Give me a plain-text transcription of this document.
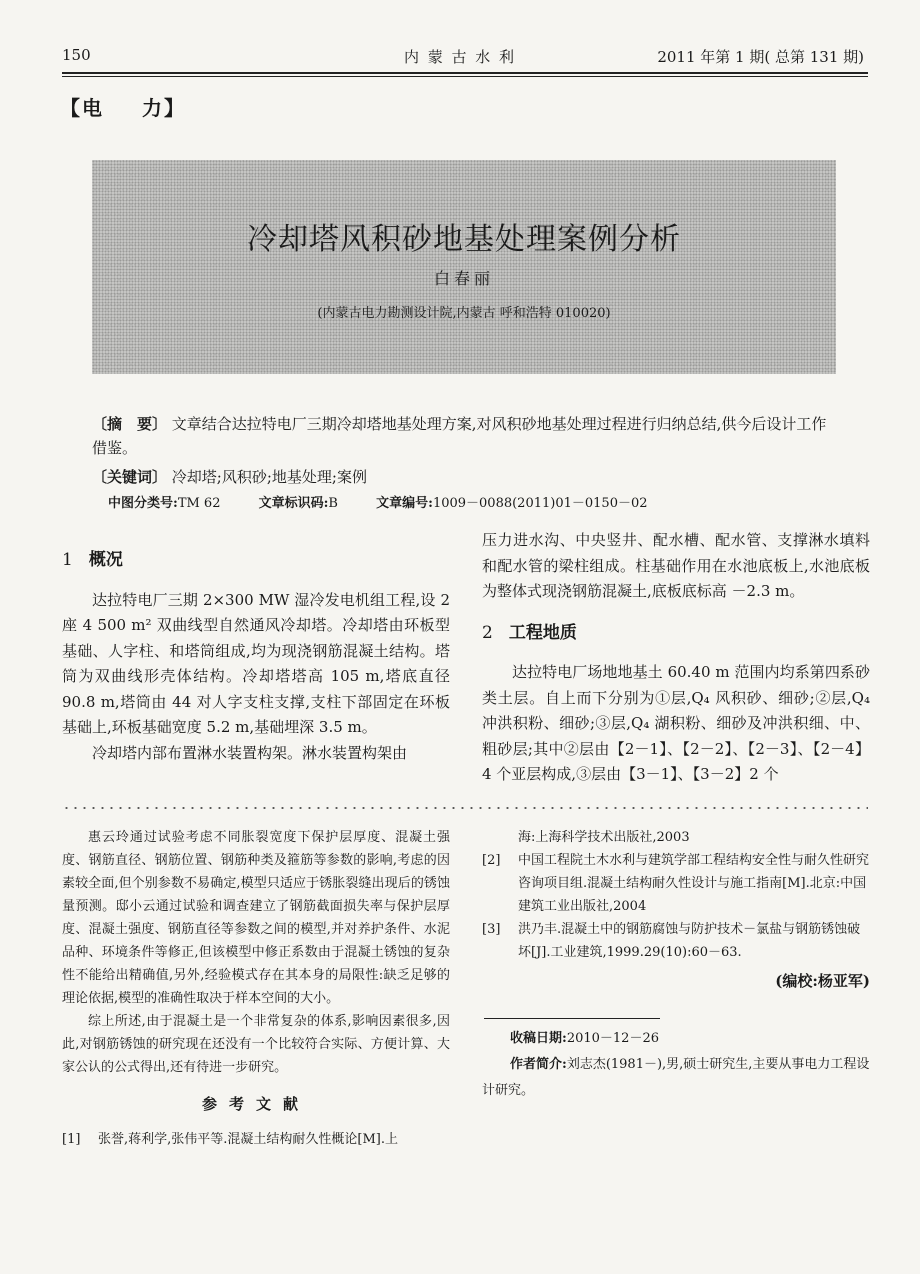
150	内 蒙 古 水 利	2011 年第 1 期( 总第 131 期)
【电 力】
冷却塔风积砂地基处理案例分析
白春丽
(内蒙古电力勘测设计院,内蒙古 呼和浩特 010020)
〔摘　要〕 文章结合达拉特电厂三期冷却塔地基处理方案,对风积砂地基处理过程进行归纳总结,供今后设计工作借鉴。
〔关键词〕 冷却塔;风积砂;地基处理;案例
中图分类号:TM 62	文章标识码:B	文章编号:1009－0088(2011)01－0150－02
1 概况

达拉特电厂三期 2×300 MW 湿冷发电机组工程,设 2 座 4 500 m² 双曲线型自然通风冷却塔。冷却塔由环板型基础、人字柱、和塔筒组成,均为现浇钢筋混凝土结构。塔筒为双曲线形壳体结构。冷却塔塔高 105 m,塔底直径 90.8 m,塔筒由 44 对人字支柱支撑,支柱下部固定在环板基础上,环板基础宽度 5.2 m,基础埋深 3.5 m。

冷却塔内部布置淋水装置构架。淋水装置构架由

压力进水沟、中央竖井、配水槽、配水管、支撑淋水填料和配水管的梁柱组成。柱基础作用在水池底板上,水池底板为整体式现浇钢筋混凝土,底板底标高 －2.3 m。

2 工程地质

达拉特电厂场地地基土 60.40 m 范围内均系第四系砂类土层。自上而下分别为①层,Q₄ 风积砂、细砂;②层,Q₄ 冲洪积粉、细砂;③层,Q₄ 湖积粉、细砂及冲洪积细、中、粗砂层;其中②层由【2－1】、【2－2】、【2－3】、【2－4】4 个亚层构成,③层由【3－1】、【3－2】2 个

惠云玲通过试验考虑不同胀裂宽度下保护层厚度、混凝土强度、钢筋直径、钢筋位置、钢筋种类及箍筋等参数的影响,考虑的因素较全面,但个别参数不易确定,模型只适应于锈胀裂缝出现后的锈蚀量预测。邸小云通过试验和调查建立了钢筋截面损失率与保护层厚度、混凝土强度、钢筋直径等参数之间的模型,并对养护条件、水泥品种、环境条件等修正,但该模型中修正系数由于混凝土锈蚀的复杂性不能给出精确值,另外,经验模式存在其本身的局限性:缺乏足够的理论依据,模型的准确性取决于样本空间的大小。

综上所述,由于混凝土是一个非常复杂的体系,影响因素很多,因此,对钢筋锈蚀的研究现在还没有一个比较符合实际、方便计算、大家公认的公式得出,还有待进一步研究。

参考文献
[1] 张誉,蒋利学,张伟平等.混凝土结构耐久性概论[M].上
海:上海科学技术出版社,2003
[2]	中国工程院土木水利与建筑学部工程结构安全性与耐久性研究咨询项目组.混凝土结构耐久性设计与施工指南[M].北京:中国建筑工业出版社,2004
[3]	洪乃丰.混凝土中的钢筋腐蚀与防护技术－氯盐与钢筋锈蚀破坏[J].工业建筑,1999.29(10):60－63.
(编校:杨亚军)
收稿日期:2010－12－26
作者简介:刘志杰(1981－),男,硕士研究生,主要从事电力工程设计研究。
